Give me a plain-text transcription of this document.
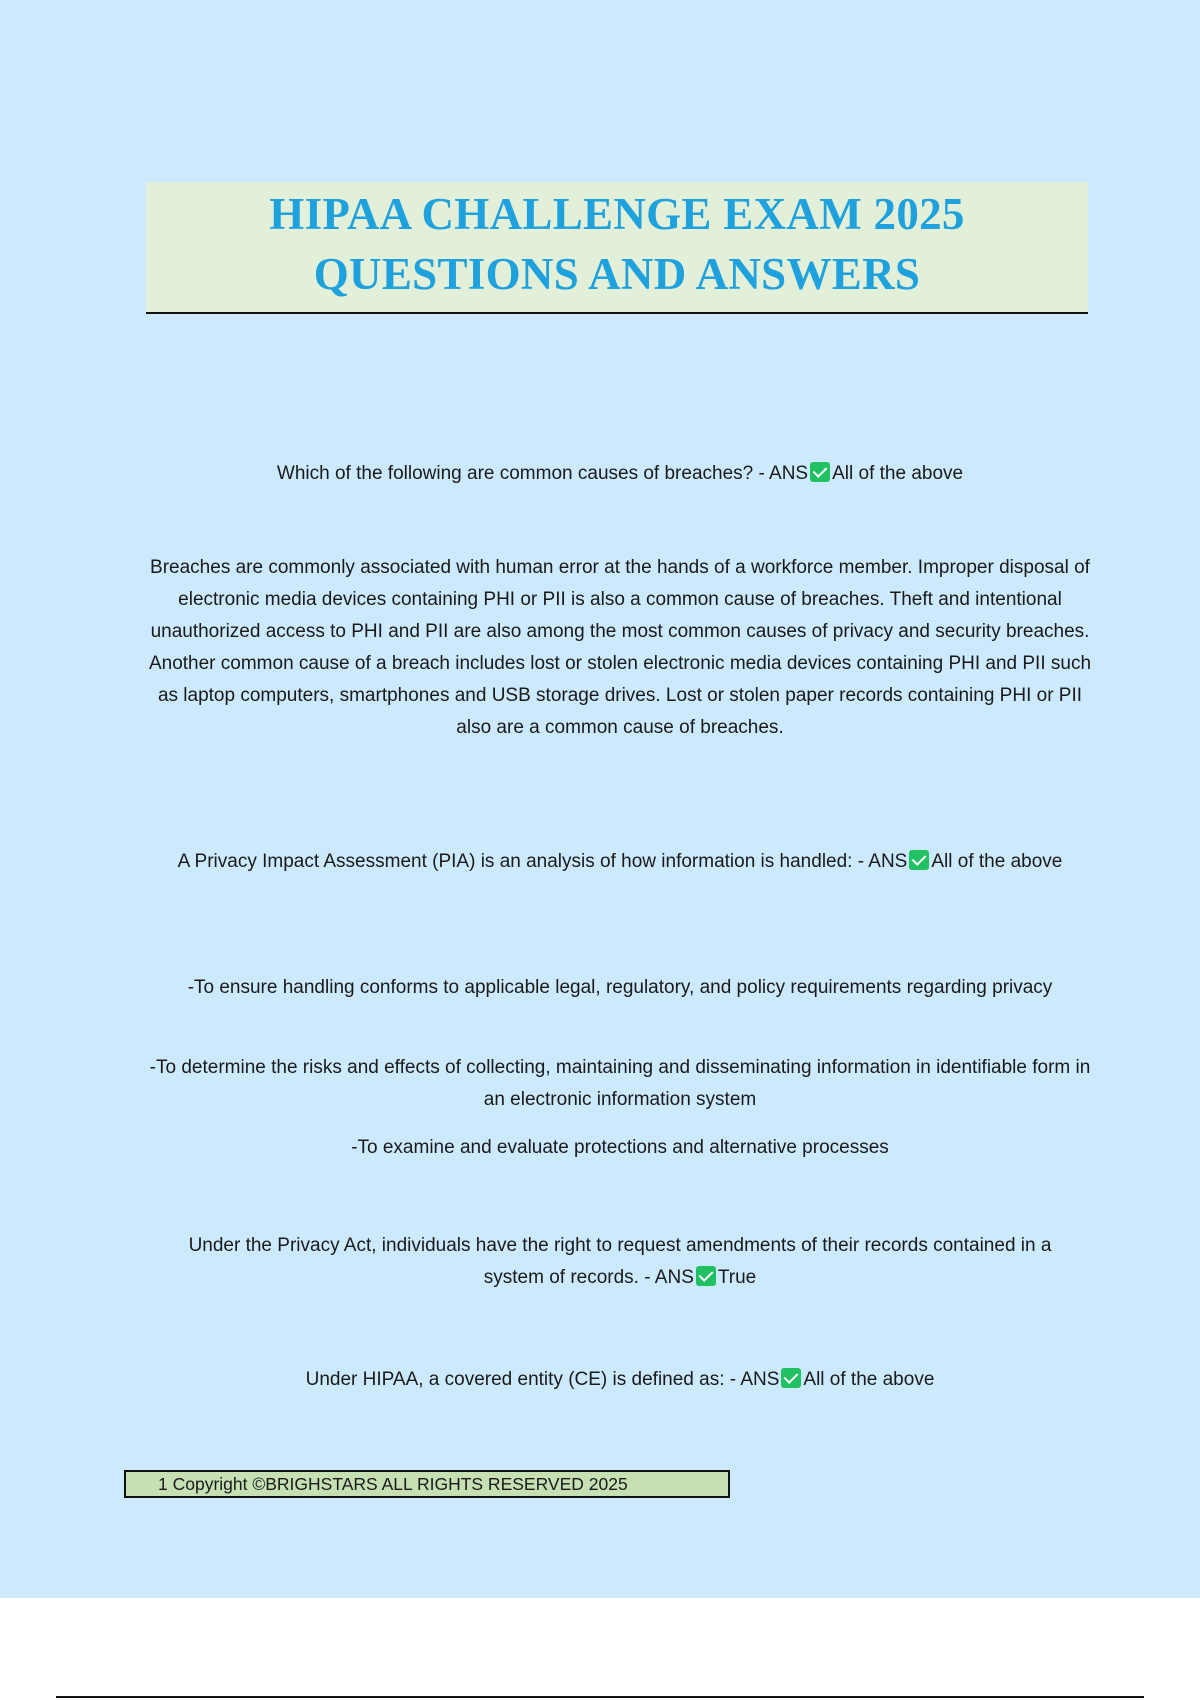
HIPAA CHALLENGE EXAM 2025
QUESTIONS AND ANSWERS
Which of the following are common causes of breaches? - ANS All of the above
Breaches are commonly associated with human error at the hands of a workforce member. Improper disposal of electronic media devices containing PHI or PII is also a common cause of breaches. Theft and intentional unauthorized access to PHI and PII are also among the most common causes of privacy and security breaches. Another common cause of a breach includes lost or stolen electronic media devices containing PHI and PII such as laptop computers, smartphones and USB storage drives. Lost or stolen paper records containing PHI or PII also are a common cause of breaches.
A Privacy Impact Assessment (PIA) is an analysis of how information is handled: - ANS All of the above
-To ensure handling conforms to applicable legal, regulatory, and policy requirements regarding privacy
-To determine the risks and effects of collecting, maintaining and disseminating information in identifiable form in an electronic information system
-To examine and evaluate protections and alternative processes
Under the Privacy Act, individuals have the right to request amendments of their records contained in a system of records. - ANS True
Under HIPAA, a covered entity (CE) is defined as: - ANS All of the above
1 Copyright ©BRIGHSTARS ALL RIGHTS RESERVED 2025
